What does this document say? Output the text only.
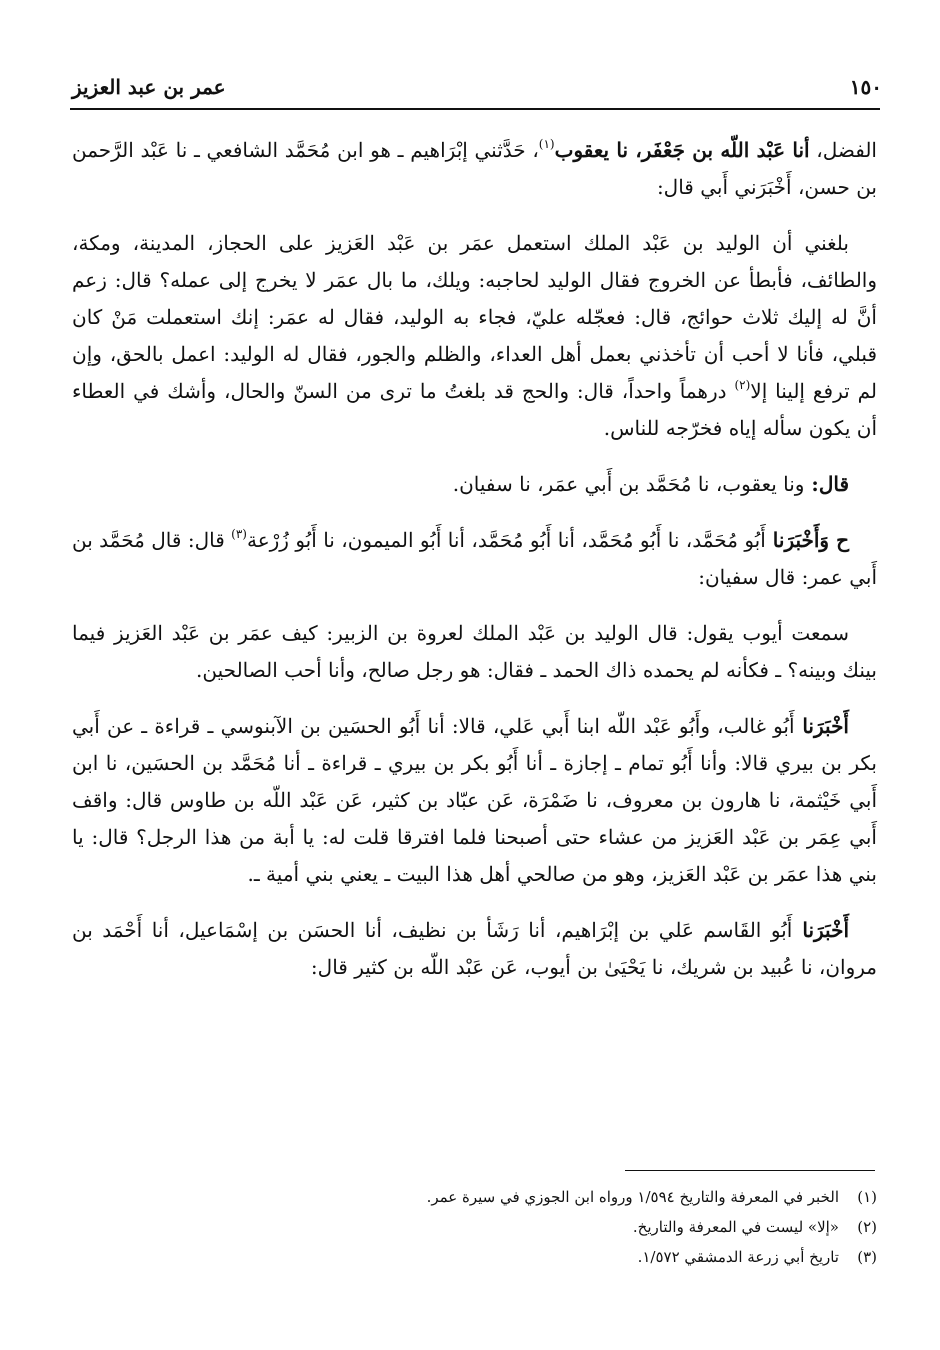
١٥٠
عمر بن عبد العزيز

الفضل، أنا عَبْد اللّه بن جَعْفَر، نا يعقوب$^{(١)}$، حَدَّثني إبْرَاهيم ـ هو ابن مُحَمَّد الشافعي ـ نا عَبْد الرَّحمن بن حسن، أَخْبَرَني أَبي قال:

بلغني أن الوليد بن عَبْد الملك استعمل عمَر بن عَبْد العَزيز على الحجاز، المدينة، ومكة، والطائف، فأبطأ عن الخروج فقال الوليد لحاجبه: ويلك، ما بال عمَر لا يخرج إلى عمله؟ قال: زعم أنَّ له إليك ثلاث حوائج، قال: فعجّله عليّ، فجاء به الوليد، فقال له عمَر: إنك استعملت مَنْ كان قبلي، فأنا لا أحب أن تأخذني بعمل أهل العداء، والظلم والجور، فقال له الوليد: اعمل بالحق، وإن لم ترفع إلينا إلا$^{(٢)}$ درهماً واحداً، قال: والحج قد بلغتُ ما ترى من السنّ والحال، وأشك في العطاء أن يكون سأله إياه فخرّجه للناس.

قال: ونا يعقوب، نا مُحَمَّد بن أَبي عمَر، نا سفيان.

ح وَأَخْبَرَنا أَبُو مُحَمَّد، نا أَبُو مُحَمَّد، أنا أَبُو مُحَمَّد، أنا أَبُو الميمون، نا أَبُو زُرْعة$^{(٣)}$ قال: قال مُحَمَّد بن أَبي عمر: قال سفيان:

سمعت أيوب يقول: قال الوليد بن عَبْد الملك لعروة بن الزبير: كيف عمَر بن عَبْد العَزيز فيما بينك وبينه؟ ـ فكأنه لم يحمده ذاك الحمد ـ فقال: هو رجل صالح، وأنا أحب الصالحين.

أَخْبَرَنا أَبُو غالب، وأَبُو عَبْد اللّه ابنا أَبي عَلي، قالا: أنا أَبُو الحسَين بن الآبنوسي ـ قراءة ـ عن أَبي بكر بن بيري قالا: وأنا أَبُو تمام ـ إجازة ـ أنا أَبُو بكر بن بيري ـ قراءة ـ أنا مُحَمَّد بن الحسَين، نا ابن أَبي خَيْثمة، نا هارون بن معروف، نا ضَمْرَة، عَن عبّاد بن كثير، عَن عَبْد اللّه بن طاوس قال: واقف أَبي عِمَر بن عَبْد العَزيز من عشاء حتى أصبحنا فلما افترقا قلت له: يا أبة من هذا الرجل؟ قال: يا بني هذا عمَر بن عَبْد العَزيز، وهو من صالحي أهل هذا البيت ـ يعني بني أمية ـ.

أَخْبَرَنا أَبُو القَاسم عَلي بن إبْرَاهيم، أنا رَشَأ بن نظيف، أنا الحسَن بن إسْمَاعيل، أنا أَحْمَد بن مروان، نا عُبيد بن شريك، نا يَحْيَىٰ بن أيوب، عَن عَبْد اللّه بن كثير قال:

(١)
الخبر في المعرفة والتاريخ ١/٥٩٤ ورواه ابن الجوزي في سيرة عمر.

(٢)
«إلا» ليست في المعرفة والتاريخ.

(٣)
تاريخ أبي زرعة الدمشقي ١/٥٧٢.
